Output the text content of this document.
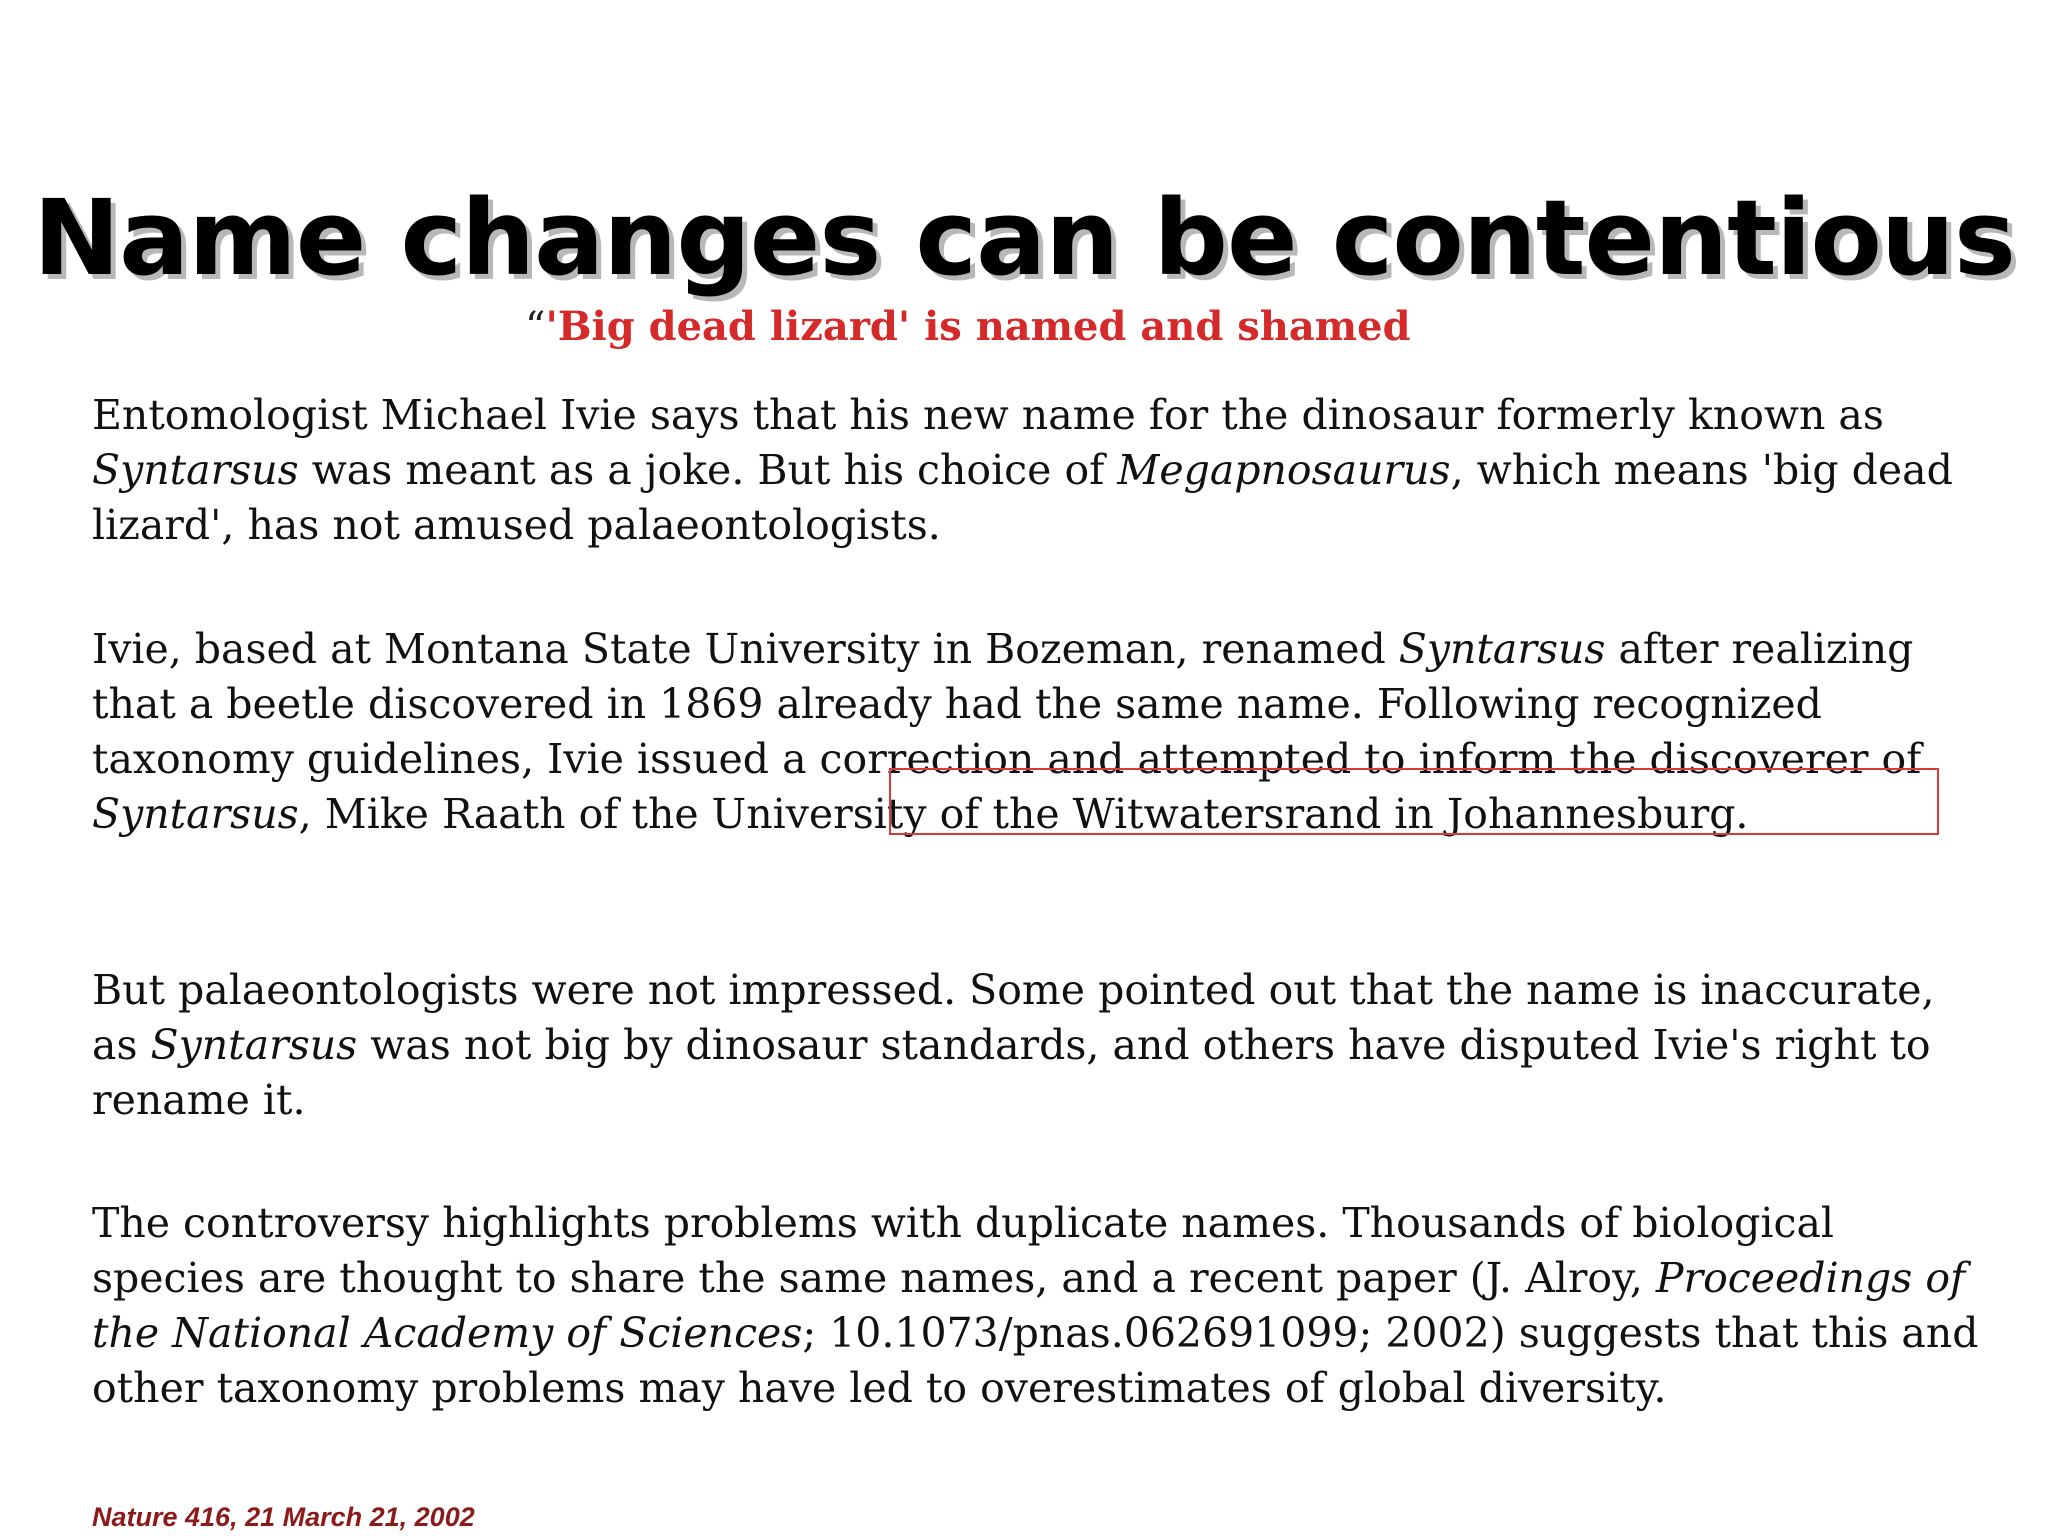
Name changes can be contentious
“'Big dead lizard' is named and shamed

Entomologist Michael Ivie says that his new name for the dinosaur formerly known as Syntarsus was meant as a joke. But his choice of Megapnosaurus, which means 'big dead lizard', has not amused palaeontologists.

Ivie, based at Montana State University in Bozeman, renamed Syntarsus after realizing that a beetle discovered in 1869 already had the same name. Following recognized taxonomy guidelines, Ivie issued a correction and attempted to inform the discoverer of Syntarsus, Mike Raath of the University of the Witwatersrand in Johannesburg.

But palaeontologists were not impressed. Some pointed out that the name is inaccurate, as Syntarsus was not big by dinosaur standards, and others have disputed Ivie's right to rename it.

The controversy highlights problems with duplicate names. Thousands of biological species are thought to share the same names, and a recent paper (J. Alroy, Proceedings of the National Academy of Sciences; 10.1073/pnas.062691099; 2002) suggests that this and other taxonomy problems may have led to overestimates of global diversity.

Nature 416, 21 March 21, 2002
